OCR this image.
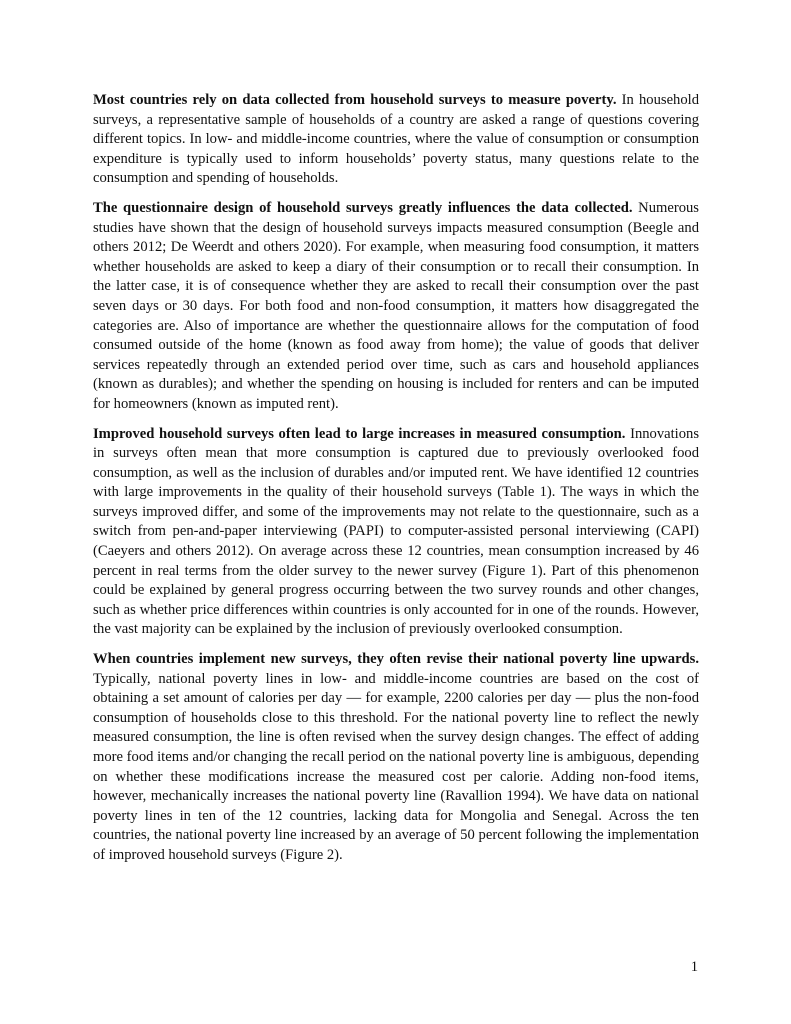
Most countries rely on data collected from household surveys to measure poverty. In household surveys, a representative sample of households of a country are asked a range of questions covering different topics. In low- and middle-income countries, where the value of consumption or consumption expenditure is typically used to inform households’ poverty status, many questions relate to the consumption and spending of households.

The questionnaire design of household surveys greatly influences the data collected. Numerous studies have shown that the design of household surveys impacts measured consumption (Beegle and others 2012; De Weerdt and others 2020). For example, when measuring food consumption, it matters whether households are asked to keep a diary of their consumption or to recall their consumption. In the latter case, it is of consequence whether they are asked to recall their consumption over the past seven days or 30 days. For both food and non-food consumption, it matters how disaggregated the categories are. Also of importance are whether the questionnaire allows for the computation of food consumed outside of the home (known as food away from home); the value of goods that deliver services repeatedly through an extended period over time, such as cars and household appliances (known as durables); and whether the spending on housing is included for renters and can be imputed for homeowners (known as imputed rent).

Improved household surveys often lead to large increases in measured consumption. Innovations in surveys often mean that more consumption is captured due to previously overlooked food consumption, as well as the inclusion of durables and/or imputed rent. We have identified 12 countries with large improvements in the quality of their household surveys (Table 1). The ways in which the surveys improved differ, and some of the improvements may not relate to the questionnaire, such as a switch from pen-and-paper interviewing (PAPI) to computer-assisted personal interviewing (CAPI) (Caeyers and others 2012). On average across these 12 countries, mean consumption increased by 46 percent in real terms from the older survey to the newer survey (Figure 1). Part of this phenomenon could be explained by general progress occurring between the two survey rounds and other changes, such as whether price differences within countries is only accounted for in one of the rounds. However, the vast majority can be explained by the inclusion of previously overlooked consumption.

When countries implement new surveys, they often revise their national poverty line upwards. Typically, national poverty lines in low- and middle-income countries are based on the cost of obtaining a set amount of calories per day — for example, 2200 calories per day — plus the non-food consumption of households close to this threshold. For the national poverty line to reflect the newly measured consumption, the line is often revised when the survey design changes. The effect of adding more food items and/or changing the recall period on the national poverty line is ambiguous, depending on whether these modifications increase the measured cost per calorie. Adding non-food items, however, mechanically increases the national poverty line (Ravallion 1994). We have data on national poverty lines in ten of the 12 countries, lacking data for Mongolia and Senegal. Across the ten countries, the national poverty line increased by an average of 50 percent following the implementation of improved household surveys (Figure 2).

1
